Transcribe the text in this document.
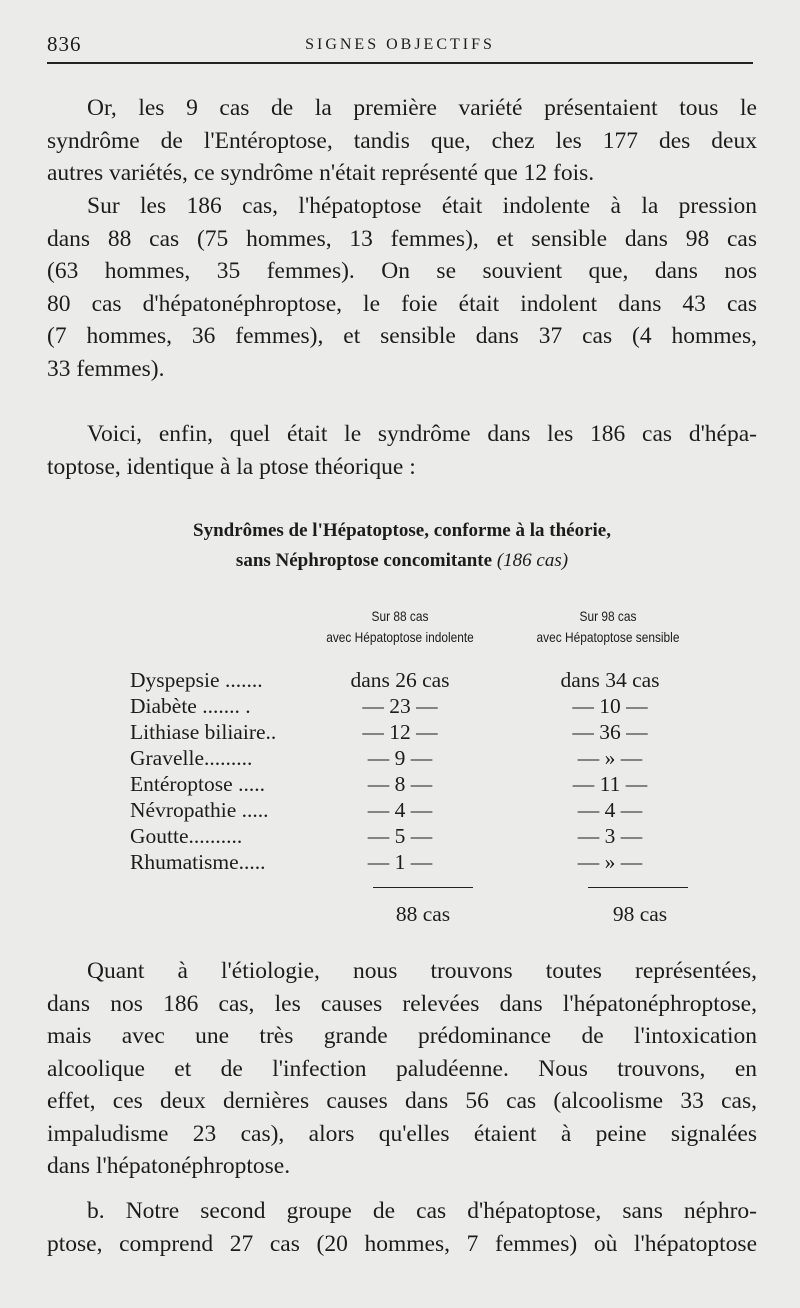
836	SIGNES OBJECTIFS
Or, les 9 cas de la première variété présentaient tous le
syndrôme de l'Entéroptose, tandis que, chez les 177 des deux
autres variétés, ce syndrôme n'était représenté que 12 fois.
Sur les 186 cas, l'hépatoptose était indolente à la pression
dans 88 cas (75 hommes, 13 femmes), et sensible dans 98 cas
(63 hommes, 35 femmes). On se souvient que, dans nos
80 cas d'hépatonéphroptose, le foie était indolent dans 43 cas
(7 hommes, 36 femmes), et sensible dans 37 cas (4 hommes,
33 femmes).
Voici, enfin, quel était le syndrôme dans les 186 cas d'hépa-
toptose, identique à la ptose théorique :
Quant à l'étiologie, nous trouvons toutes représentées,
dans nos 186 cas, les causes relevées dans l'hépatonéphroptose,
mais avec une très grande prédominance de l'intoxication
alcoolique et de l'infection paludéenne. Nous trouvons, en
effet, ces deux dernières causes dans 56 cas (alcoolisme 33 cas,
impaludisme 23 cas), alors qu'elles étaient à peine signalées
dans l'hépatonéphroptose.
b. Notre second groupe de cas d'hépatoptose, sans néphro-
ptose, comprend 27 cas (20 hommes, 7 femmes) où l'hépatoptose
Syndrômes de l'Hépatoptose, conforme à la théorie,
sans Néphroptose concomitante (186 cas)
Sur 88 cas
avec Hépatoptose indolente
Sur 98 cas
avec Hépatoptose sensible
Dyspepsie .......	dans 26 cas	dans 34 cas
Diabète ....... .	— 23 —	— 10 —
Lithiase biliaire..	— 12 —	— 36 —
Gravelle.........	— 9 —	— » —
Entéroptose .....	— 8 —	— 11 —
Névropathie .....	— 4 —	— 4 —
Goutte..........	— 5 —	— 3 —
Rhumatisme.....	— 1 —	— » —
88 cas	98 cas
